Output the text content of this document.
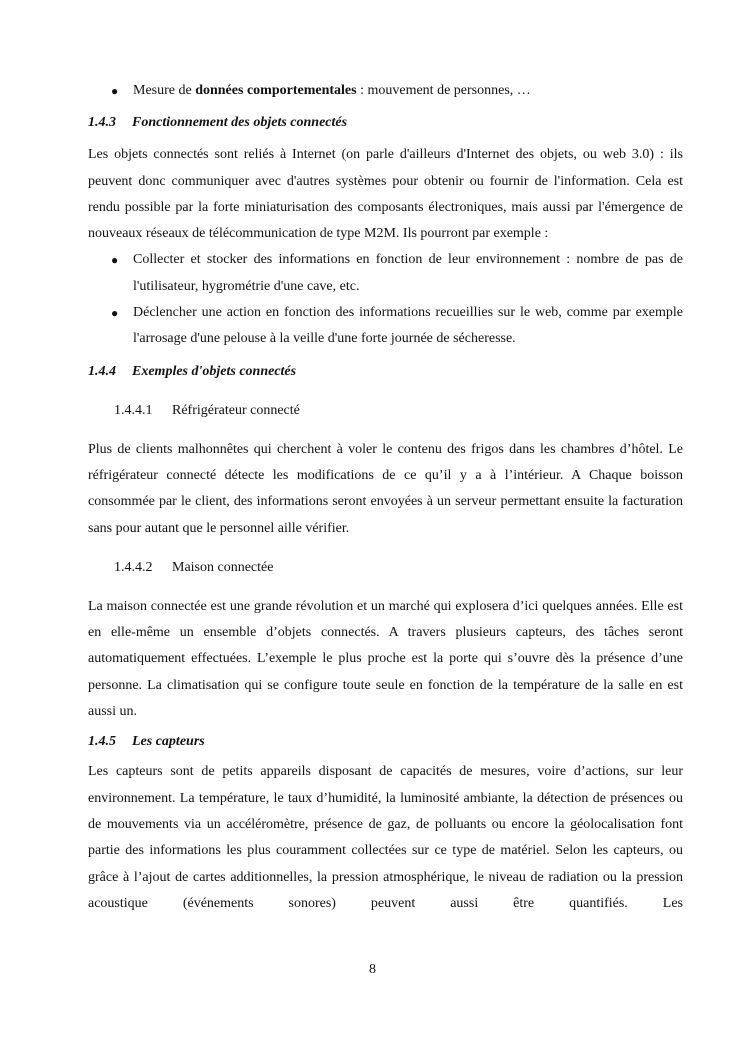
● Mesure de données comportementales : mouvement de personnes, …

1.4.3 Fonctionnement des objets connectés

Les objets connectés sont reliés à Internet (on parle d'ailleurs d'Internet des objets, ou web 3.0) : ils peuvent donc communiquer avec d'autres systèmes pour obtenir ou fournir de l'information. Cela est rendu possible par la forte miniaturisation des composants électroniques, mais aussi par l'émergence de nouveaux réseaux de télécommunication de type M2M. Ils pourront par exemple :

● Collecter et stocker des informations en fonction de leur environnement : nombre de pas de l'utilisateur, hygrométrie d'une cave, etc.

● Déclencher une action en fonction des informations recueillies sur le web, comme par exemple l'arrosage d'une pelouse à la veille d'une forte journée de sécheresse.

1.4.4 Exemples d'objets connectés

1.4.4.1 Réfrigérateur connecté

Plus de clients malhonnêtes qui cherchent à voler le contenu des frigos dans les chambres d’hôtel. Le réfrigérateur connecté détecte les modifications de ce qu’il y a à l’intérieur. A Chaque boisson consommée par le client, des informations seront envoyées à un serveur permettant ensuite la facturation sans pour autant que le personnel aille vérifier.

1.4.4.2 Maison connectée

La maison connectée est une grande révolution et un marché qui explosera d’ici quelques années. Elle est en elle-même un ensemble d’objets connectés. A travers plusieurs capteurs, des tâches seront automatiquement effectuées. L’exemple le plus proche est la porte qui s’ouvre dès la présence d’une personne. La climatisation qui se configure toute seule en fonction de la température de la salle en est aussi un.

1.4.5 Les capteurs

Les capteurs sont de petits appareils disposant de capacités de mesures, voire d’actions, sur leur environnement. La température, le taux d’humidité, la luminosité ambiante, la détection de présences ou de mouvements via un accéléromètre, présence de gaz, de polluants ou encore la géolocalisation font partie des informations les plus couramment collectées sur ce type de matériel. Selon les capteurs, ou grâce à l’ajout de cartes additionnelles, la pression atmosphérique, le niveau de radiation ou la pression acoustique (événements sonores) peuvent aussi être quantifiés. Les

8
